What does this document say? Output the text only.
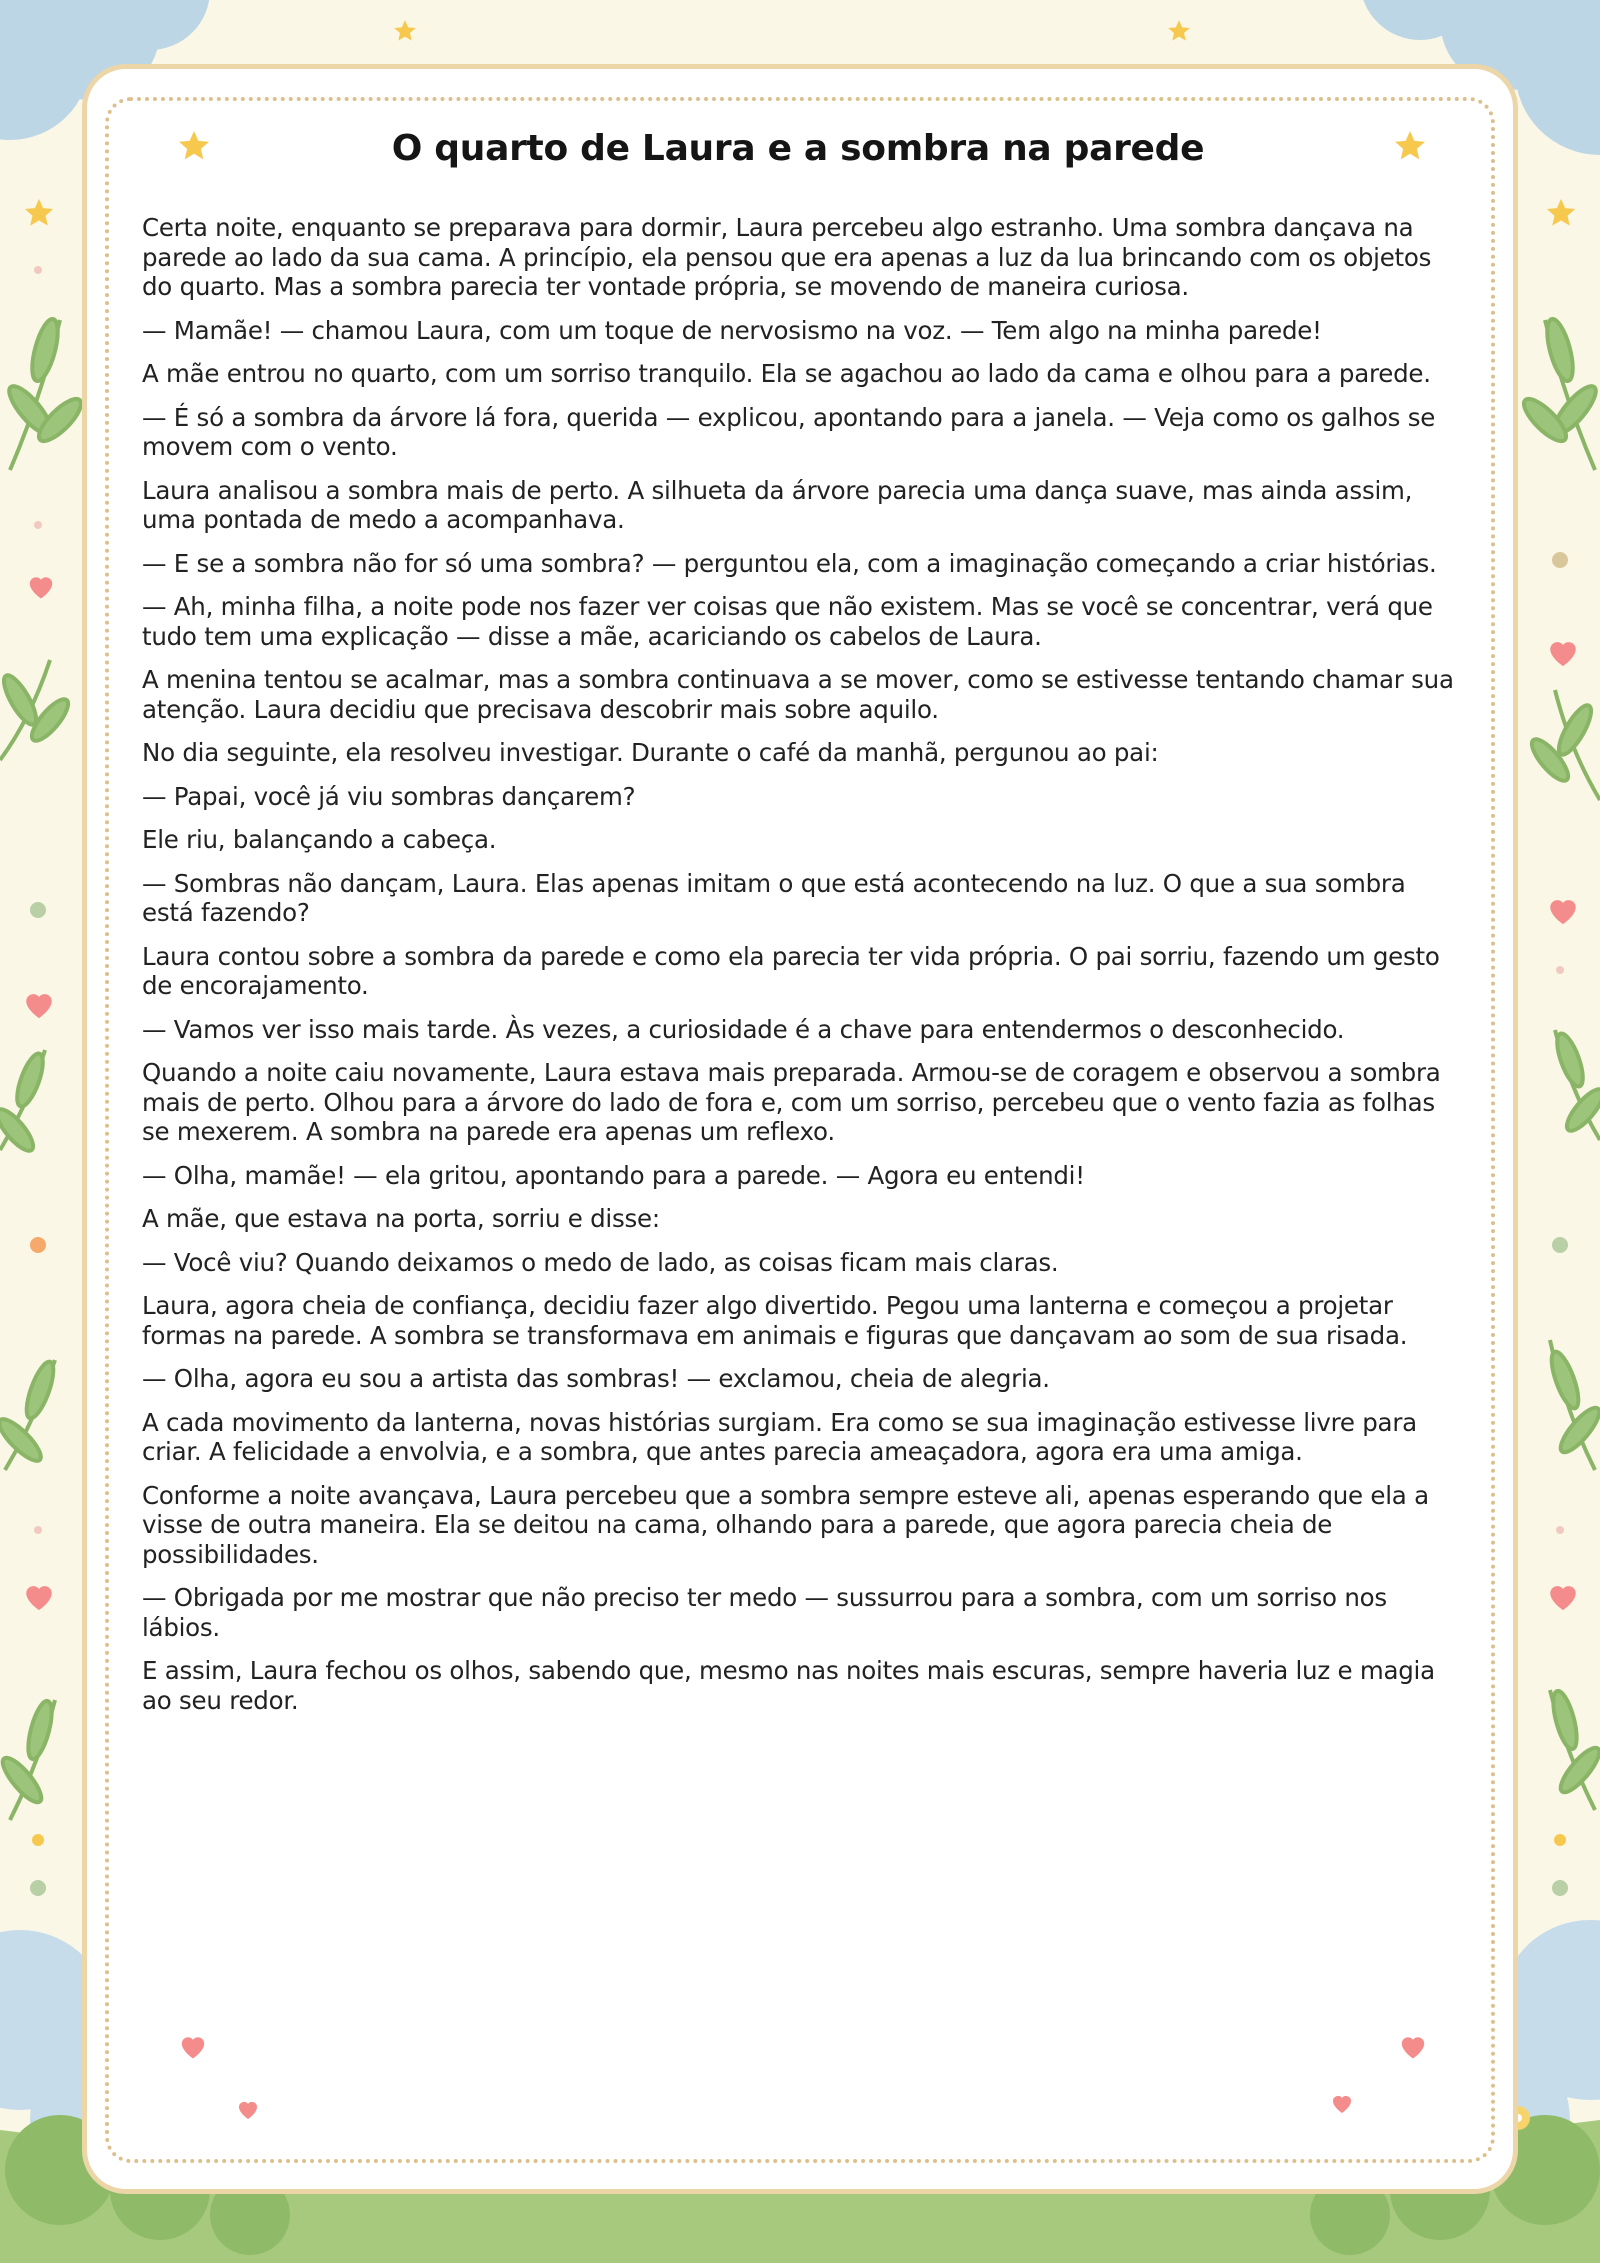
O quarto de Laura e a sombra na parede

Certa noite, enquanto se preparava para dormir, Laura percebeu algo estranho. Uma sombra dançava na parede ao lado da sua cama. A princípio, ela pensou que era apenas a luz da lua brincando com os objetos do quarto. Mas a sombra parecia ter vontade própria, se movendo de maneira curiosa.

— Mamãe! — chamou Laura, com um toque de nervosismo na voz. — Tem algo na minha parede!

A mãe entrou no quarto, com um sorriso tranquilo. Ela se agachou ao lado da cama e olhou para a parede.

— É só a sombra da árvore lá fora, querida — explicou, apontando para a janela. — Veja como os galhos se movem com o vento.

Laura analisou a sombra mais de perto. A silhueta da árvore parecia uma dança suave, mas ainda assim, uma pontada de medo a acompanhava.

— E se a sombra não for só uma sombra? — perguntou ela, com a imaginação começando a criar histórias.

— Ah, minha filha, a noite pode nos fazer ver coisas que não existem. Mas se você se concentrar, verá que tudo tem uma explicação — disse a mãe, acariciando os cabelos de Laura.

A menina tentou se acalmar, mas a sombra continuava a se mover, como se estivesse tentando chamar sua atenção. Laura decidiu que precisava descobrir mais sobre aquilo.

No dia seguinte, ela resolveu investigar. Durante o café da manhã, pergunou ao pai:

— Papai, você já viu sombras dançarem?

Ele riu, balançando a cabeça.

— Sombras não dançam, Laura. Elas apenas imitam o que está acontecendo na luz. O que a sua sombra está fazendo?

Laura contou sobre a sombra da parede e como ela parecia ter vida própria. O pai sorriu, fazendo um gesto de encorajamento.

— Vamos ver isso mais tarde. Às vezes, a curiosidade é a chave para entendermos o desconhecido.

Quando a noite caiu novamente, Laura estava mais preparada. Armou-se de coragem e observou a sombra mais de perto. Olhou para a árvore do lado de fora e, com um sorriso, percebeu que o vento fazia as folhas se mexerem. A sombra na parede era apenas um reflexo.

— Olha, mamãe! — ela gritou, apontando para a parede. — Agora eu entendi!

A mãe, que estava na porta, sorriu e disse:

— Você viu? Quando deixamos o medo de lado, as coisas ficam mais claras.

Laura, agora cheia de confiança, decidiu fazer algo divertido. Pegou uma lanterna e começou a projetar formas na parede. A sombra se transformava em animais e figuras que dançavam ao som de sua risada.

— Olha, agora eu sou a artista das sombras! — exclamou, cheia de alegria.

A cada movimento da lanterna, novas histórias surgiam. Era como se sua imaginação estivesse livre para criar. A felicidade a envolvia, e a sombra, que antes parecia ameaçadora, agora era uma amiga.

Conforme a noite avançava, Laura percebeu que a sombra sempre esteve ali, apenas esperando que ela a visse de outra maneira. Ela se deitou na cama, olhando para a parede, que agora parecia cheia de possibilidades.

— Obrigada por me mostrar que não preciso ter medo — sussurrou para a sombra, com um sorriso nos lábios.

E assim, Laura fechou os olhos, sabendo que, mesmo nas noites mais escuras, sempre haveria luz e magia ao seu redor.
